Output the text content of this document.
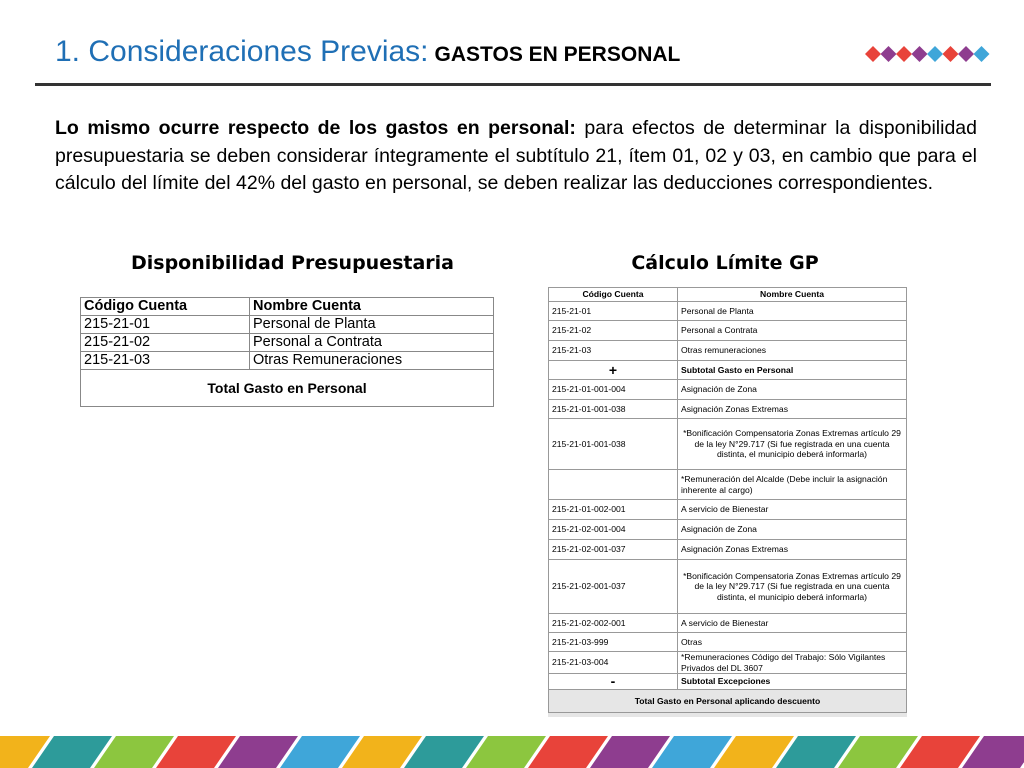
1. Consideraciones Previas: GASTOS EN PERSONAL

Lo mismo ocurre respecto de los gastos en personal: para efectos de determinar la disponibilidad presupuestaria se deben considerar íntegramente el subtítulo 21, ítem 01, 02 y 03, en cambio que para el cálculo del límite del 42% del gasto en personal, se deben realizar las deducciones correspondientes.

Disponibilidad Presupuestaria	Cálculo Límite GP
Código Cuenta	Nombre Cuenta
215-21-01	Personal de Planta
215-21-02	Personal a Contrata
215-21-03	Otras Remuneraciones
Total Gasto en Personal	
Código Cuenta	Nombre Cuenta
215-21-01	Personal de Planta
215-21-02	Personal a Contrata
215-21-03	Otras remuneraciones
+	Subtotal Gasto en Personal
215-21-01-001-004	Asignación de Zona
215-21-01-001-038	Asignación Zonas Extremas
215-21-01-001-038	*Bonificación Compensatoria Zonas Extremas artículo 29 de la ley N°29.717 (Si fue registrada en una cuenta distinta, el municipio deberá informarla)
	*Remuneración del Alcalde (Debe incluir la asignación inherente al cargo)
215-21-01-002-001	A servicio de Bienestar
215-21-02-001-004	Asignación de Zona
215-21-02-001-037	Asignación Zonas Extremas
215-21-02-001-037	*Bonificación Compensatoria Zonas Extremas artículo 29 de la ley N°29.717 (Si fue registrada en una cuenta distinta, el municipio deberá informarla)
215-21-02-002-001	A servicio de Bienestar
215-21-03-999	Otras
215-21-03-004	*Remuneraciones Código del Trabajo: Sólo Vigilantes Privados del DL 3607
-	Subtotal Excepciones
Total Gasto en Personal aplicando descuento	
